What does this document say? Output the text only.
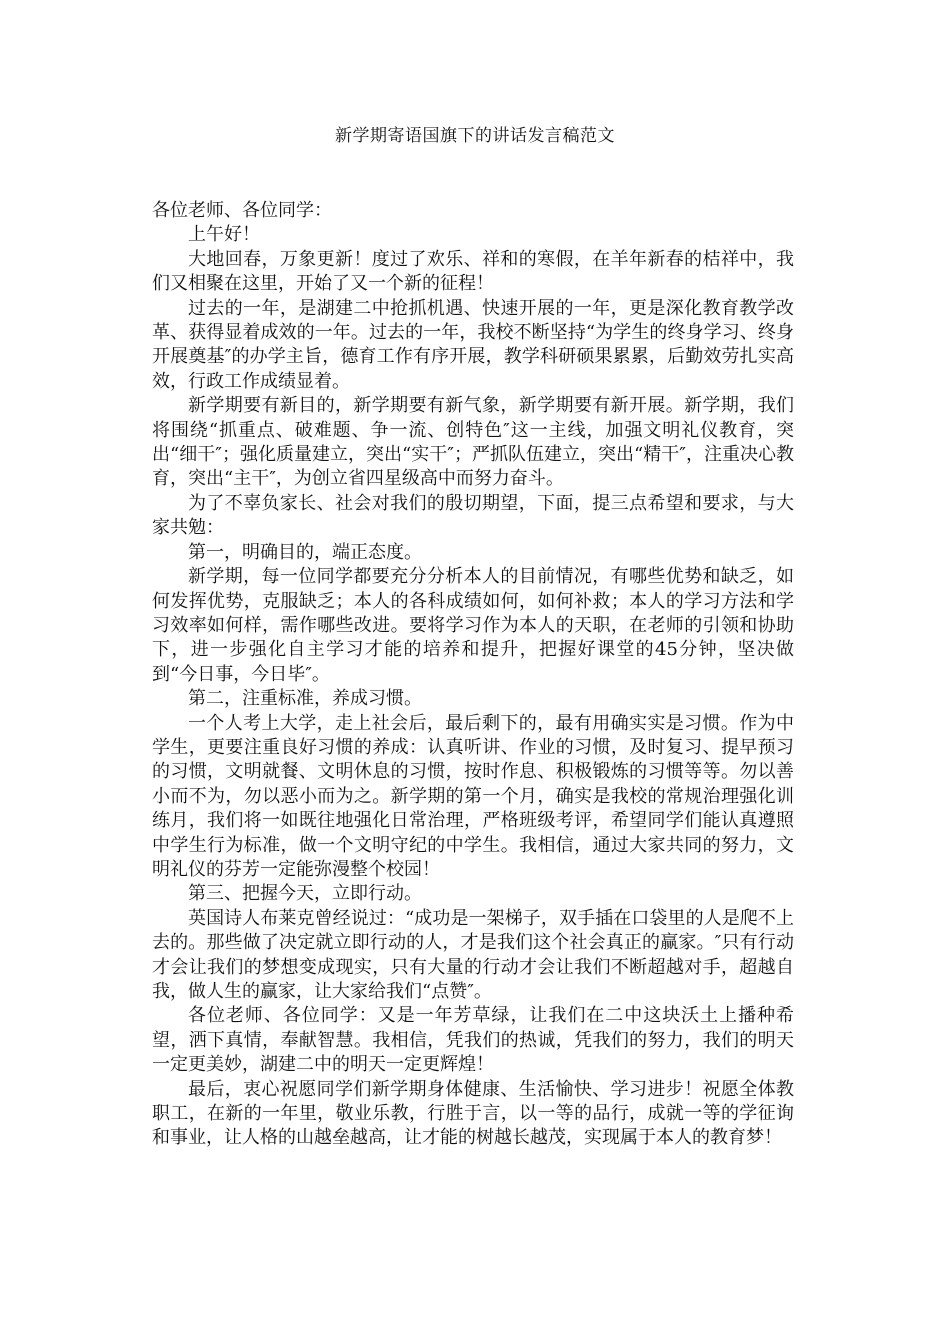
新学期寄语国旗下的讲话发言稿范文

各位老师、各位同学：

上午好！

大地回春，万象更新！度过了欢乐、祥和的寒假，在羊年新春的桔祥中，我们又相聚在这里，开始了又一个新的征程！

过去的一年，是湖建二中抢抓机遇、快速开展的一年，更是深化教育教学改革、获得显着成效的一年。过去的一年，我校不断坚持“为学生的终身学习、终身开展奠基″的办学主旨，德育工作有序开展，教学科研硕果累累，后勤效劳扎实高效，行政工作成绩显着。

新学期要有新目的，新学期要有新气象，新学期要有新开展。新学期，我们将围绕“抓重点、破难题、争一流、创特色″这一主线，加强文明礼仪教育，突出“细干″；强化质量建立，突出“实干″；严抓队伍建立，突出“精干″，注重决心教育，突出“主干″，为创立省四星级高中而努力奋斗。

为了不辜负家长、社会对我们的殷切期望，下面，提三点希望和要求，与大家共勉：

第一，明确目的，端正态度。

新学期，每一位同学都要充分分析本人的目前情况，有哪些优势和缺乏，如何发挥优势，克服缺乏；本人的各科成绩如何，如何补救；本人的学习方法和学习效率如何样，需作哪些改进。要将学习作为本人的天职，在老师的引领和协助下，进一步强化自主学习才能的培养和提升，把握好课堂的45分钟，坚决做到“今日事，今日毕″。

第二，注重标准，养成习惯。

一个人考上大学，走上社会后，最后剩下的，最有用确实实是习惯。作为中学生，更要注重良好习惯的养成：认真听讲、作业的习惯，及时复习、提早预习的习惯，文明就餐、文明休息的习惯，按时作息、积极锻炼的习惯等等。勿以善小而不为，勿以恶小而为之。新学期的第一个月，确实是我校的常规治理强化训练月，我们将一如既往地强化日常治理，严格班级考评，希望同学们能认真遵照中学生行为标准，做一个文明守纪的中学生。我相信，通过大家共同的努力，文明礼仪的芬芳一定能弥漫整个校园！

第三、把握今天，立即行动。

英国诗人布莱克曾经说过：“成功是一架梯子，双手插在口袋里的人是爬不上去的。那些做了决定就立即行动的人，才是我们这个社会真正的赢家。″只有行动才会让我们的梦想变成现实，只有大量的行动才会让我们不断超越对手，超越自我，做人生的赢家，让大家给我们“点赞″。

各位老师、各位同学：又是一年芳草绿，让我们在二中这块沃土上播种希望，洒下真情，奉献智慧。我相信，凭我们的热诚，凭我们的努力，我们的明天一定更美妙，湖建二中的明天一定更辉煌！

最后，衷心祝愿同学们新学期身体健康、生活愉快、学习进步！祝愿全体教职工，在新的一年里，敬业乐教，行胜于言，以一等的品行，成就一等的学征询和事业，让人格的山越垒越高，让才能的树越长越茂，实现属于本人的教育梦！
